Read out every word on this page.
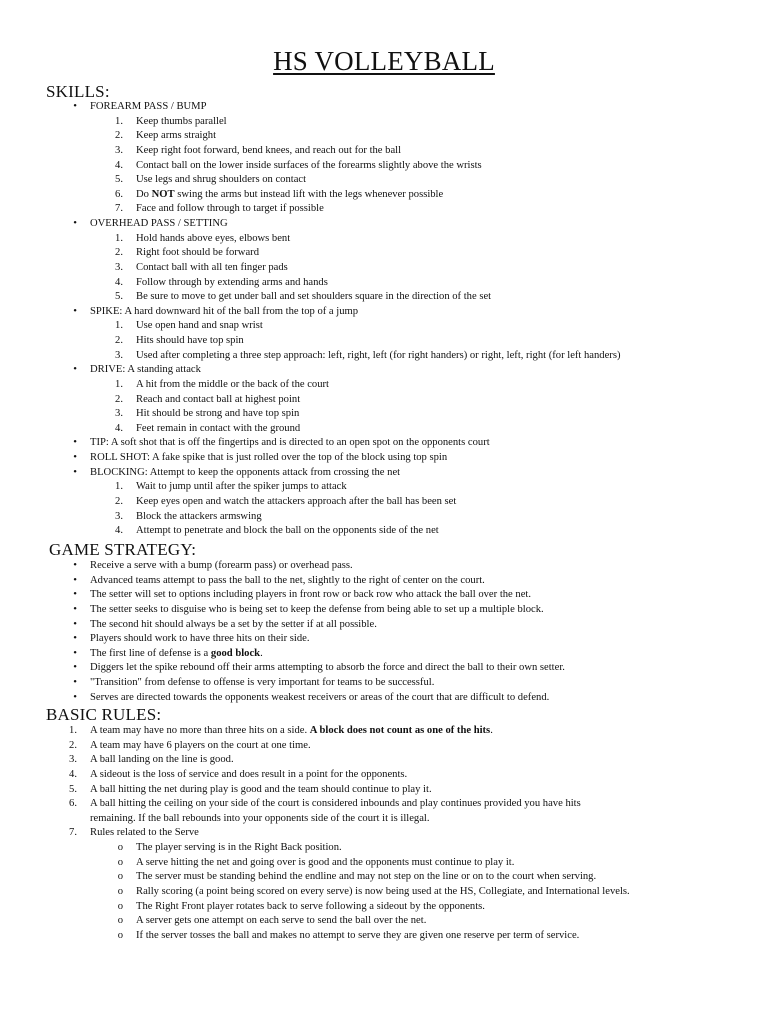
HS VOLLEYBALL
SKILLS:
• FOREARM PASS / BUMP
1. Keep thumbs parallel
2. Keep arms straight
3. Keep right foot forward, bend knees, and reach out for the ball
4. Contact ball on the lower inside surfaces of the forearms slightly above the wrists
5. Use legs and shrug shoulders on contact
6. Do NOT swing the arms but instead lift with the legs whenever possible
7. Face and follow through to target if possible
• OVERHEAD PASS / SETTING
1. Hold hands above eyes, elbows bent
2. Right foot should be forward
3. Contact ball with all ten finger pads
4. Follow through by extending arms and hands
5. Be sure to move to get under ball and set shoulders square in the direction of the set
• SPIKE: A hard downward hit of the ball from the top of a jump
1. Use open hand and snap wrist
2. Hits should have top spin
3. Used after completing a three step approach: left, right, left (for right handers) or right, left, right (for left handers)
• DRIVE: A standing attack
1. A hit from the middle or the back of the court
2. Reach and contact ball at highest point
3. Hit should be strong and have top spin
4. Feet remain in contact with the ground
• TIP: A soft shot that is off the fingertips and is directed to an open spot on the opponents court
• ROLL SHOT: A fake spike that is just rolled over the top of the block using top spin
• BLOCKING: Attempt to keep the opponents attack from crossing the net
1. Wait to jump until after the spiker jumps to attack
2. Keep eyes open and watch the attackers approach after the ball has been set
3. Block the attackers armswing
4. Attempt to penetrate and block the ball on the opponents side of the net
GAME STRATEGY:
• Receive a serve with a bump (forearm pass) or overhead pass.
• Advanced teams attempt to pass the ball to the net, slightly to the right of center on the court.
• The setter will set to options including players in front row or back row who attack the ball over the net.
• The setter seeks to disguise who is being set to keep the defense from being able to set up a multiple block.
• The second hit should always be a set by the setter if at all possible.
• Players should work to have three hits on their side.
• The first line of defense is a good block.
• Diggers let the spike rebound off their arms attempting to absorb the force and direct the ball to their own setter.
• "Transition" from defense to offense is very important for teams to be successful.
• Serves are directed towards the opponents weakest receivers or areas of the court that are difficult to defend.
BASIC RULES:
1. A team may have no more than three hits on a side. A block does not count as one of the hits.
2. A team may have 6 players on the court at one time.
3. A ball landing on the line is good.
4. A sideout is the loss of service and does result in a point for the opponents.
5. A ball hitting the net during play is good and the team should continue to play it.
6. A ball hitting the ceiling on your side of the court is considered inbounds and play continues provided you have hits
remaining. If the ball rebounds into your opponents side of the court it is illegal.
7. Rules related to the Serve
o The player serving is in the Right Back position.
o A serve hitting the net and going over is good and the opponents must continue to play it.
o The server must be standing behind the endline and may not step on the line or on to the court when serving.
o Rally scoring (a point being scored on every serve) is now being used at the HS, Collegiate, and International levels.
o The Right Front player rotates back to serve following a sideout by the opponents.
o A server gets one attempt on each serve to send the ball over the net.
o If the server tosses the ball and makes no attempt to serve they are given one reserve per term of service.
